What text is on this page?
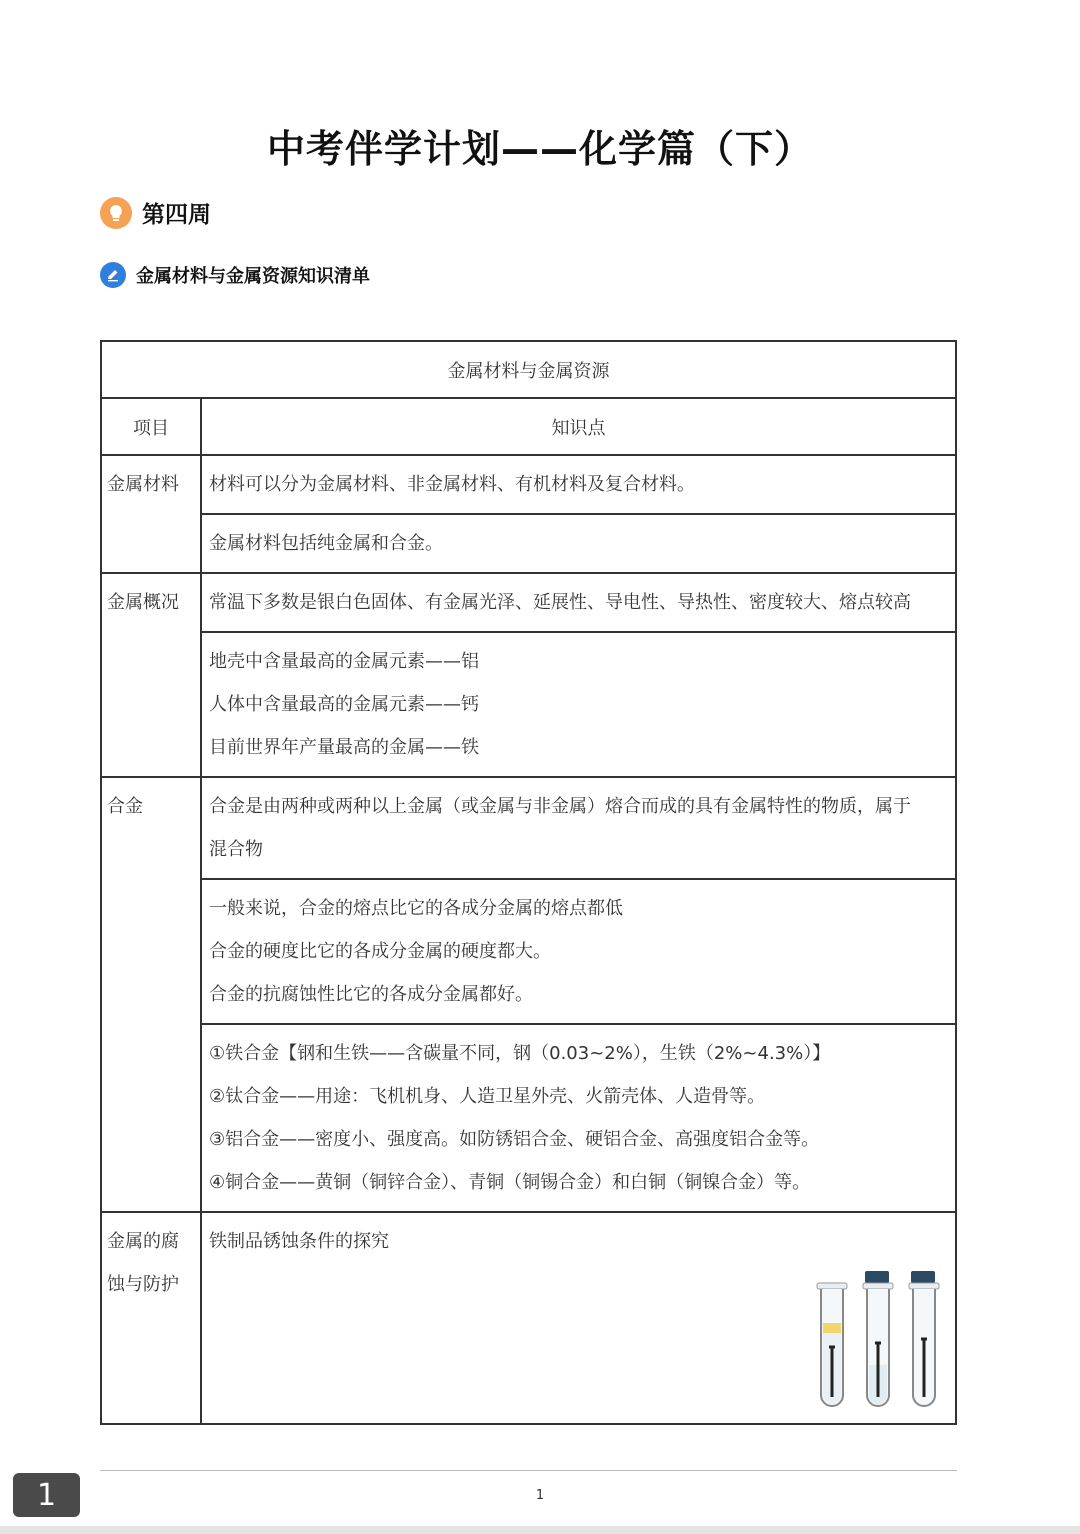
中考伴学计划——化学篇（下）
第四周
金属材料与金属资源知识清单
金属材料与金属资源	
项目	知识点

金属材料	材料可以分为金属材料、非金属材料、有机材料及复合材料。

	金属材料包括纯金属和合金。

金属概况	常温下多数是银白色固体、有金属光泽、延展性、导电性、导热性、密度较大、熔点较高

	地壳中含量最高的金属元素——铝
人体中含量最高的金属元素——钙
目前世界年产量最高的金属——铁

合金	合金是由两种或两种以上金属（或金属与非金属）熔合而成的具有金属特性的物质，属于
混合物

	一般来说，合金的熔点比它的各成分金属的熔点都低
合金的硬度比它的各成分金属的硬度都大。
合金的抗腐蚀性比它的各成分金属都好。

	①铁合金【钢和生铁——含碳量不同，钢（0.03~2%），生铁（2%~4.3%）】
②钛合金——用途：飞机机身、人造卫星外壳、火箭壳体、人造骨等。
③铝合金——密度小、强度高。如防锈铝合金、硬铝合金、高强度铝合金等。
④铜合金——黄铜（铜锌合金）、青铜（铜锡合金）和白铜（铜镍合金）等。

金属的腐
蚀与防护	铁制品锈蚀条件的探究
1
1
